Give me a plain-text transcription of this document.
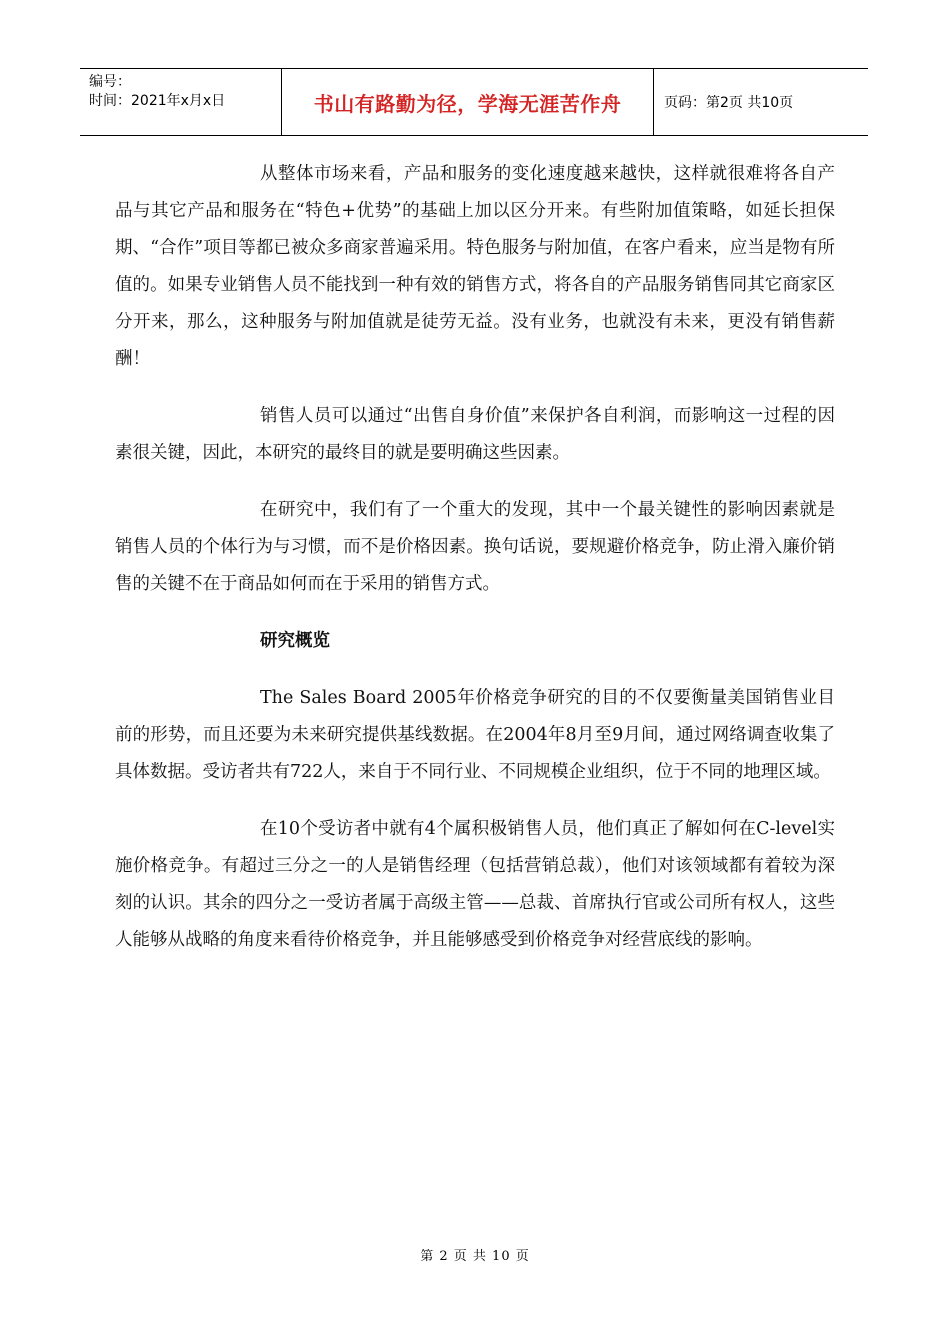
编号：
时间：2021年x月x日	书山有路勤为径，学海无涯苦作舟	页码：第2页 共10页

从整体市场来看，产品和服务的变化速度越来越快，这样就很难将各自产品与其它产品和服务在“特色+优势”的基础上加以区分开来。有些附加值策略，如延长担保期、“合作”项目等都已被众多商家普遍采用。特色服务与附加值，在客户看来，应当是物有所值的。如果专业销售人员不能找到一种有效的销售方式，将各自的产品服务销售同其它商家区分开来，那么，这种服务与附加值就是徒劳无益。没有业务，也就没有未来，更没有销售薪酬！

销售人员可以通过“出售自身价值”来保护各自利润，而影响这一过程的因素很关键，因此，本研究的最终目的就是要明确这些因素。

在研究中，我们有了一个重大的发现，其中一个最关键性的影响因素就是销售人员的个体行为与习惯，而不是价格因素。换句话说，要规避价格竞争，防止滑入廉价销售的关键不在于商品如何而在于采用的销售方式。

研究概览

The Sales Board 2005年价格竞争研究的目的不仅要衡量美国销售业目前的形势，而且还要为未来研究提供基线数据。在2004年8月至9月间，通过网络调查收集了具体数据。受访者共有722人，来自于不同行业、不同规模企业组织，位于不同的地理区域。

在10个受访者中就有4个属积极销售人员，他们真正了解如何在C-level实施价格竞争。有超过三分之一的人是销售经理（包括营销总裁），他们对该领域都有着较为深刻的认识。其余的四分之一受访者属于高级主管——总裁、首席执行官或公司所有权人，这些人能够从战略的角度来看待价格竞争，并且能够感受到价格竞争对经营底线的影响。

第 2 页 共 10 页
